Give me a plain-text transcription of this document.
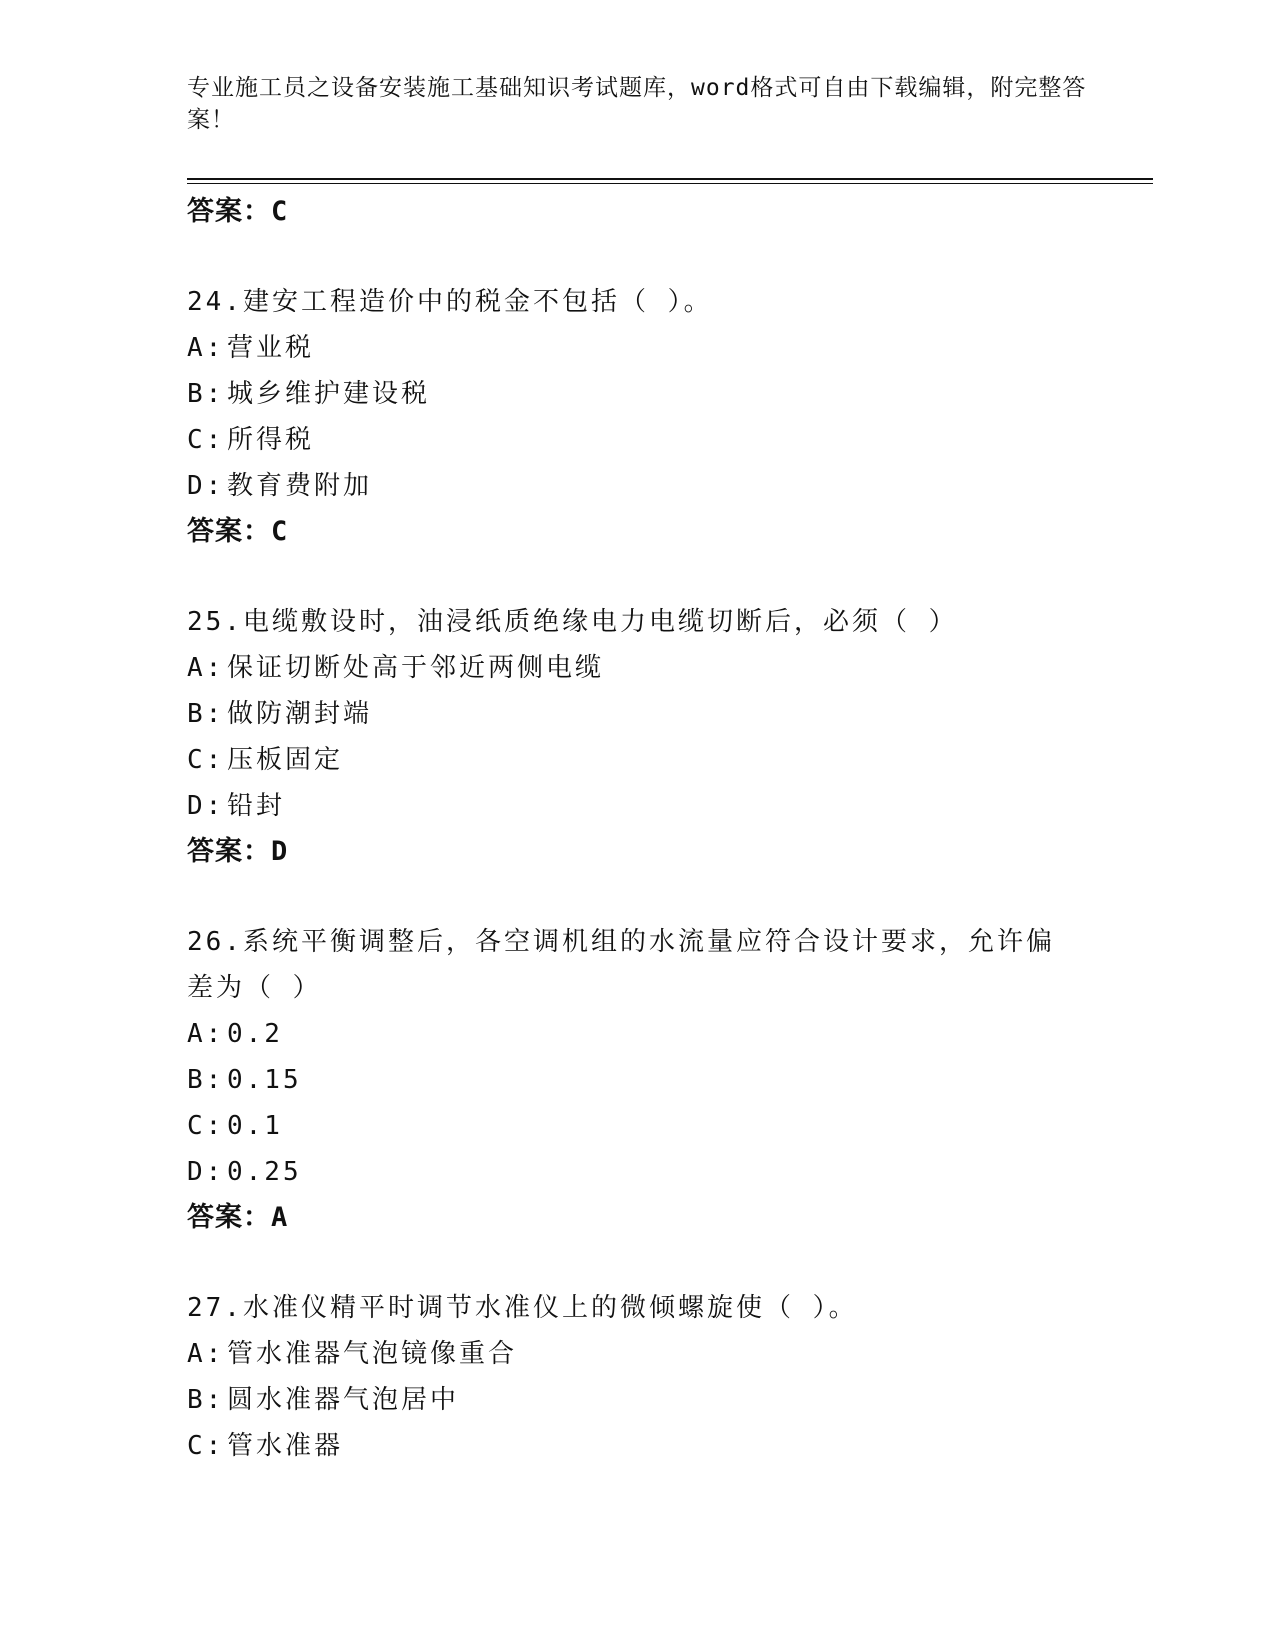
专业施工员之设备安装施工基础知识考试题库，word格式可自由下载编辑，附完整答案！
答案：C
24.建安工程造价中的税金不包括（ ）。
A: 营业税
B: 城乡维护建设税
C: 所得税
D: 教育费附加
答案：C
25.电缆敷设时，油浸纸质绝缘电力电缆切断后，必须（ ）
A: 保证切断处高于邻近两侧电缆
B: 做防潮封端
C: 压板固定
D: 铅封
答案：D
26.系统平衡调整后，各空调机组的水流量应符合设计要求，允许偏差为（ ）
A: 0.2
B: 0.15
C: 0.1
D: 0.25
答案：A
27.水准仪精平时调节水准仪上的微倾螺旋使（ ）。
A: 管水准器气泡镜像重合
B: 圆水准器气泡居中
C: 管水准器
